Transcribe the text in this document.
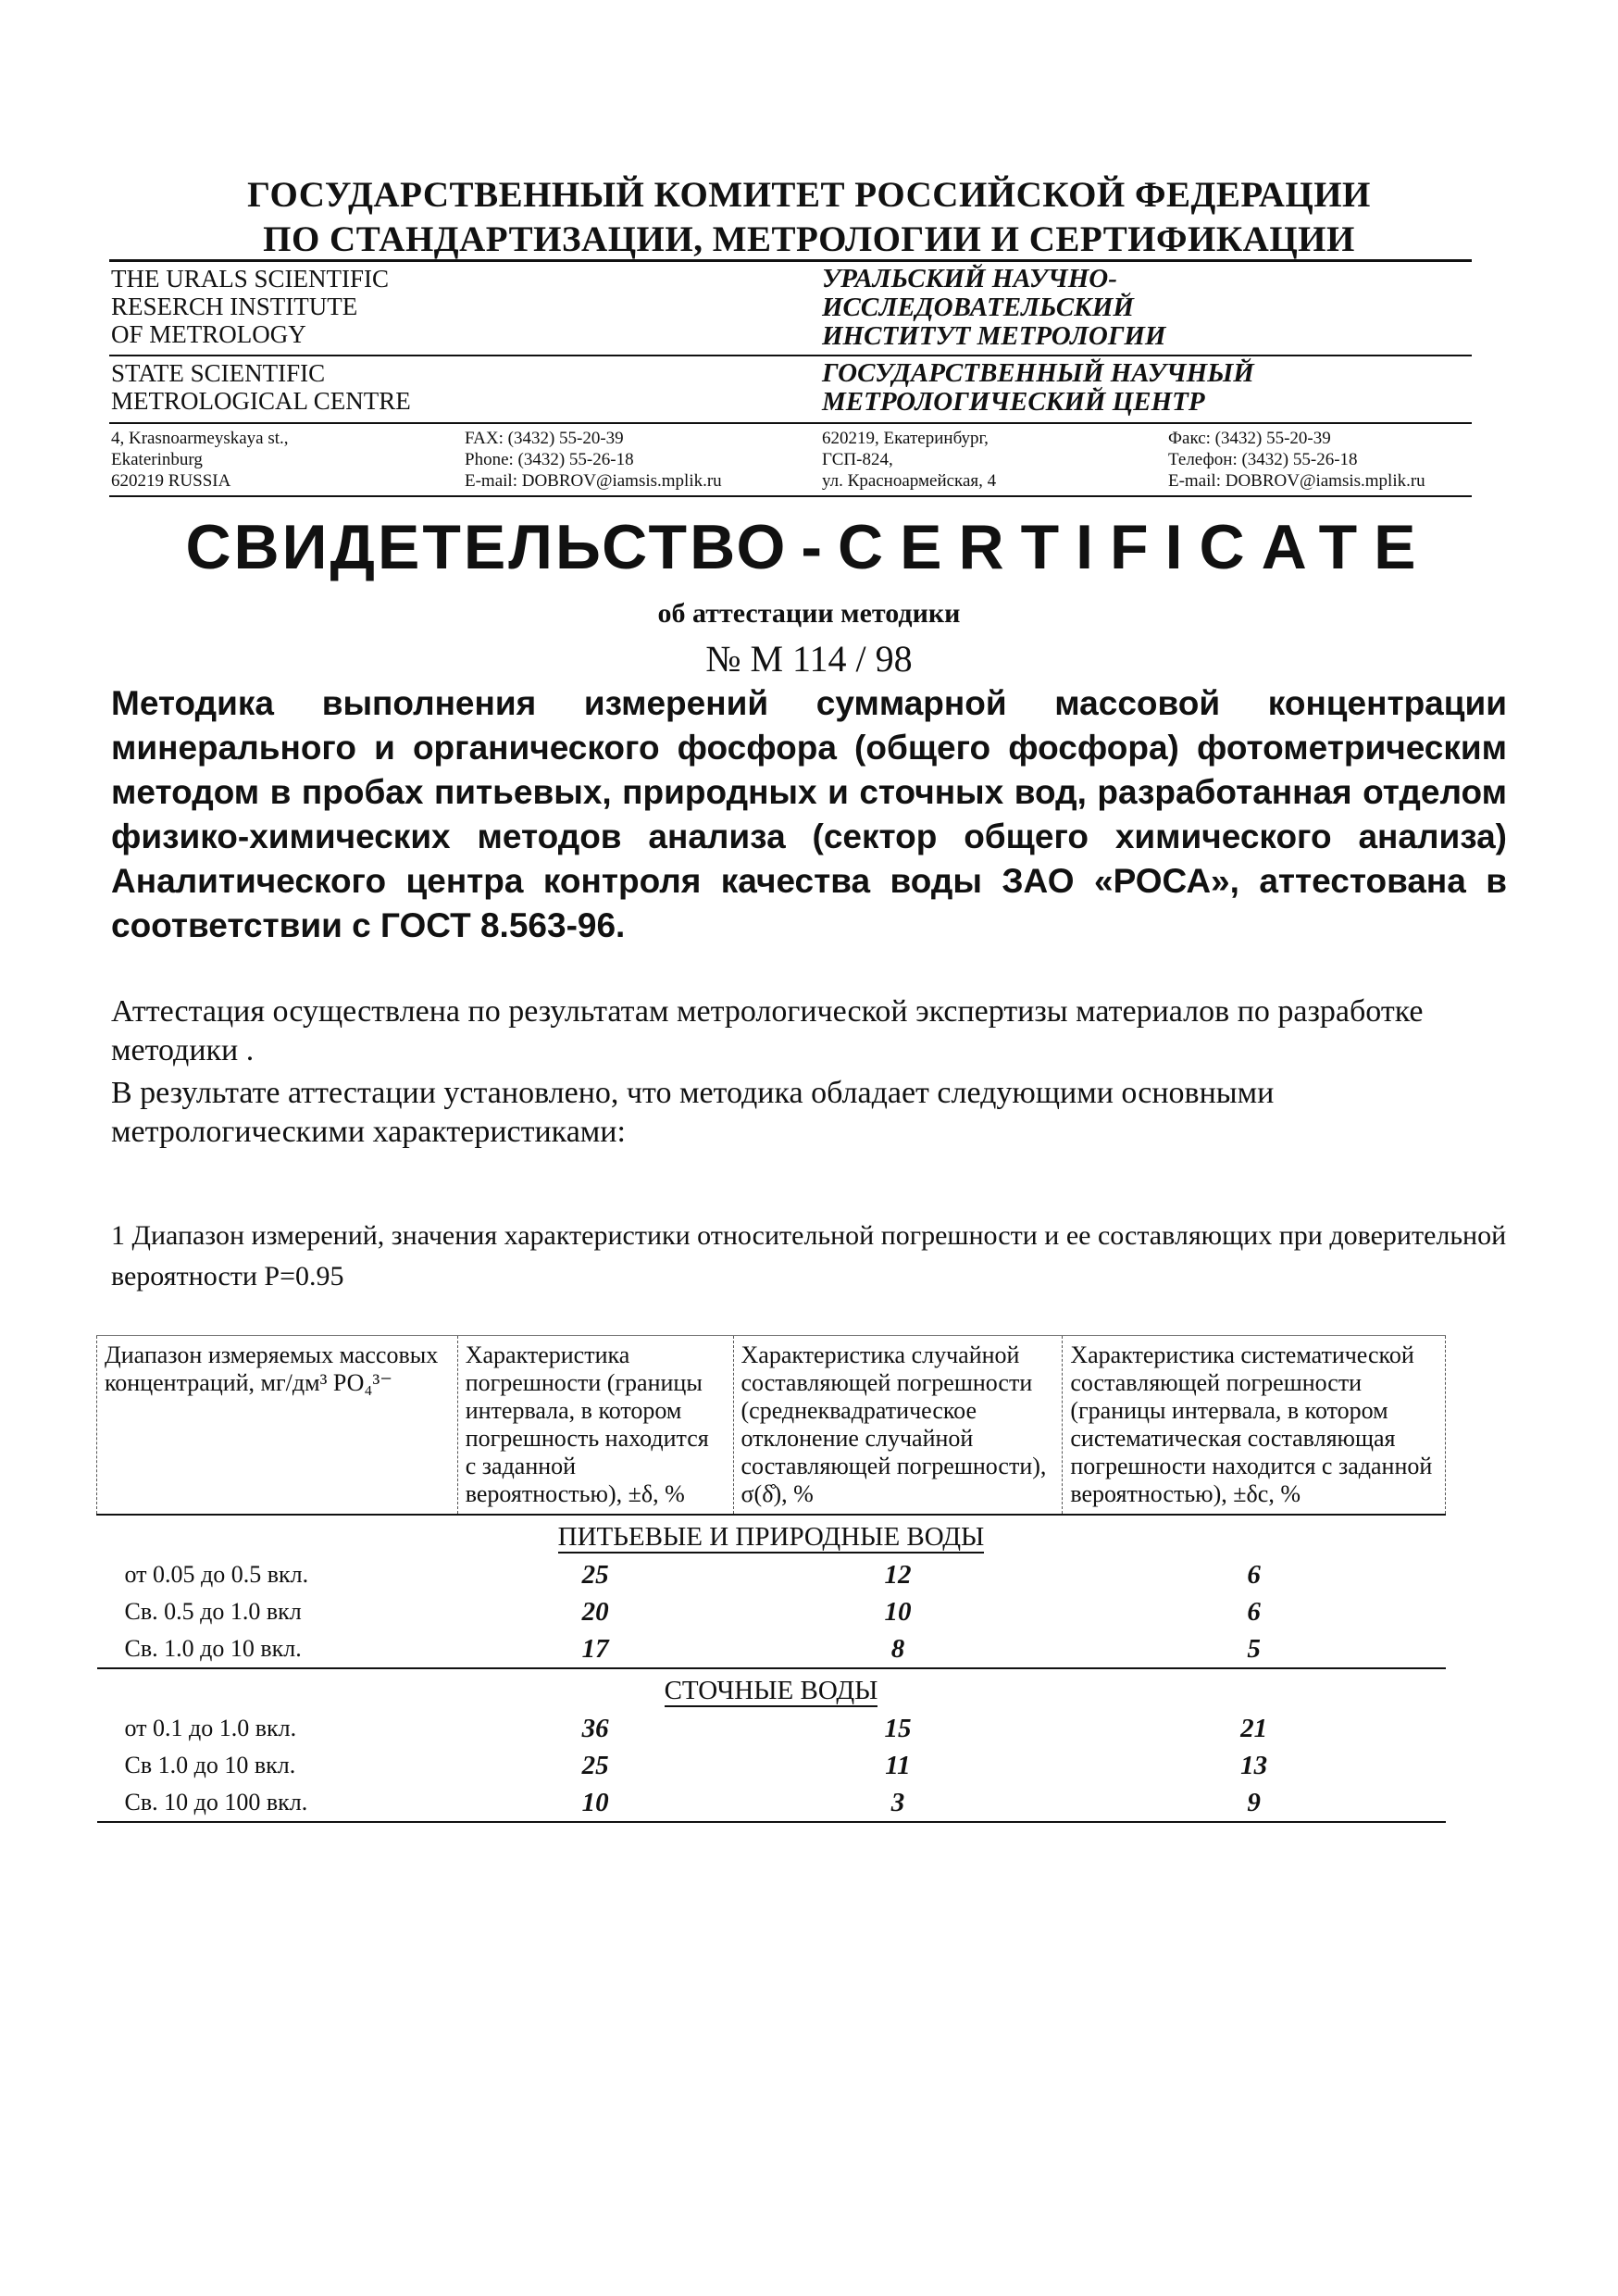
ГОСУДАРСТВЕННЫЙ КОМИТЕТ РОССИЙСКОЙ ФЕДЕРАЦИИ
ПО СТАНДАРТИЗАЦИИ, МЕТРОЛОГИИ И СЕРТИФИКАЦИИ
THE URALS SCIENTIFIC
RESERCH INSTITUTE
OF METROLOGY
УРАЛЬСКИЙ НАУЧНО-
ИССЛЕДОВАТЕЛЬСКИЙ
ИНСТИТУТ МЕТРОЛОГИИ
STATE SCIENTIFIC
METROLOGICAL CENTRE
ГОСУДАРСТВЕННЫЙ НАУЧНЫЙ
МЕТРОЛОГИЧЕСКИЙ ЦЕНТР
4, Krasnoarmeyskaya st.,
Ekaterinburg
620219 RUSSIA
FAX: (3432) 55-20-39
Phone: (3432) 55-26-18
E-mail: DOBROV@iamsis.mplik.ru
620219, Екатеринбург,
ГСП-824,
ул. Красноармейская, 4
Факс: (3432) 55-20-39
Телефон: (3432) 55-26-18
E-mail: DOBROV@iamsis.mplik.ru
СВИДЕТЕЛЬСТВО - CERTIFICATE
об аттестации методики
№ М 114 / 98
Методика выполнения измерений суммарной массовой концентрации минерального и органического фосфора (общего фосфора) фотометрическим методом в пробах питьевых, природных и сточных вод, разработанная отделом физико-химических методов анализа (сектор общего химического анализа) Аналитического центра контроля качества воды ЗАО «РОСА», аттестована в соответствии с ГОСТ 8.563-96.
Аттестация осуществлена по результатам метрологической экспертизы материалов по разработке методики .
В результате аттестации установлено, что методика обладает следующими основными метрологическими характеристиками:
1 Диапазон измерений, значения характеристики относительной погрешности и ее составляющих при доверительной вероятности Р=0.95
Диапазон измеряемых массовых концентраций, мг/дм³ РО₄³⁻	Характеристика погрешности (границы интервала, в котором погрешность находится с заданной вероятностью), ±δ, %	Характеристика случайной составляющей погрешности (среднеквадратическое отклонение случайной составляющей погрешности), σ(δ̊), %	Характеристика систематической составляющей погрешности (границы интервала, в котором систематическая составляющая погрешности находится с заданной вероятностью), ±δс, %
ПИТЬЕВЫЕ И ПРИРОДНЫЕ ВОДЫ			
от 0.05 до 0.5 вкл.	25	12	6
Св. 0.5 до 1.0 вкл	20	10	6
Св. 1.0 до 10 вкл.	17	8	5
СТОЧНЫЕ ВОДЫ			
от 0.1 до 1.0 вкл.	36	15	21
Св 1.0 до 10 вкл.	25	11	13
Св. 10 до 100 вкл.	10	3	9
